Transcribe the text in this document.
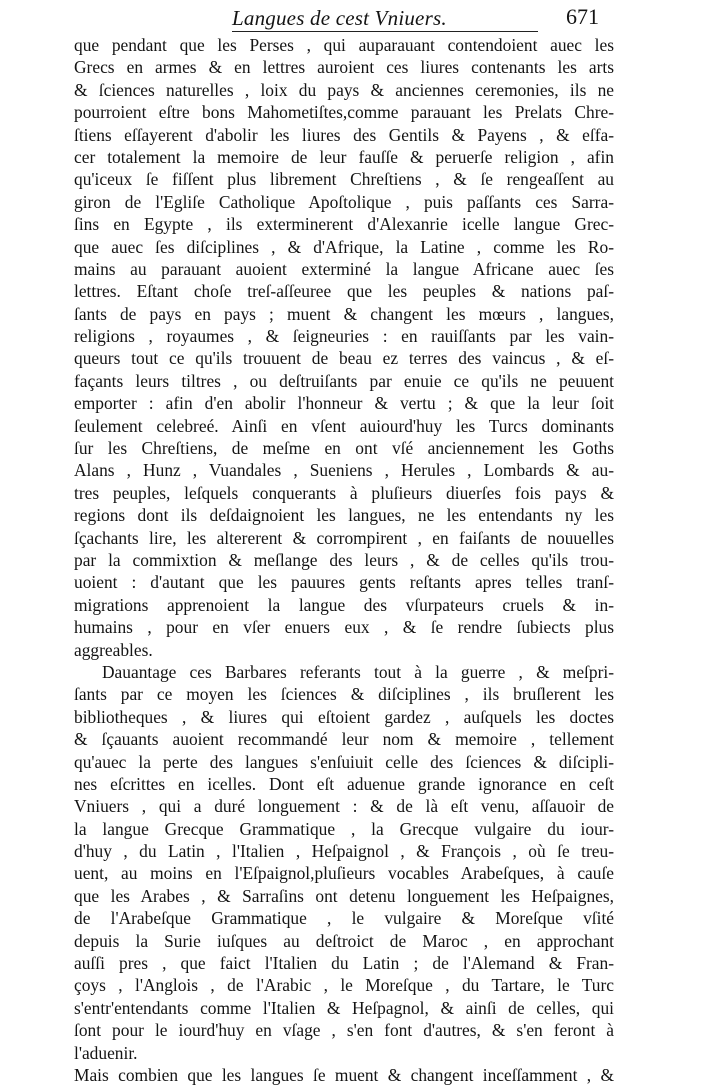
Langues de cest Vniuers.	671
que pendant que les Perses , qui auparauant contendoient auec les
Grecs en armes & en lettres auroient ces liures contenants les arts
& ſciences naturelles , loix du pays & anciennes ceremonies, ils ne
pourroient eſtre bons Mahometiſtes,comme parauant les Prelats Chre-
ſtiens eſſayerent d'abolir les liures des Gentils & Payens , & eſfa-
cer totalement la memoire de leur fauſſe & peruerſe religion , afin
qu'iceux ſe fiſſent plus librement Chreſtiens , & ſe rengeaſſent au
giron de l'Egliſe Catholique Apoſtolique , puis paſſants ces Sarra-
ſins en Egypte , ils exterminerent d'Alexanrie icelle langue Grec-
que auec ſes diſciplines , & d'Afrique, la Latine , comme les Ro-
mains au parauant auoient exterminé la langue Africane auec ſes
lettres. Eſtant choſe treſ-aſſeuree que les peuples & nations paſ-
ſants de pays en pays ; muent & changent les mœurs , langues,
religions , royaumes , & ſeigneuries : en rauiſſants par les vain-
queurs tout ce qu'ils trouuent de beau ez terres des vaincus , & eſ-
façants leurs tiltres , ou deſtruiſants par enuie ce qu'ils ne peuuent
emporter : afin d'en abolir l'honneur & vertu ; & que la leur ſoit
ſeulement celebreé. Ainſi en vſent auiourd'huy les Turcs dominants
ſur les Chreſtiens, de meſme en ont vſé anciennement les Goths
Alans , Hunz , Vuandales , Sueniens , Herules , Lombards & au-
tres peuples, leſquels conquerants à pluſieurs diuerſes fois pays &
regions dont ils deſdaignoient les langues, ne les entendants ny les
ſçachants lire, les altererent & corrompirent , en faiſants de nouuelles
par la commixtion & meſlange des leurs , & de celles qu'ils trou-
uoient : d'autant que les pauures gents reſtants apres telles tranſ-
migrations apprenoient la langue des vſurpateurs cruels & in-
humains , pour en vſer enuers eux , & ſe rendre ſubiects plus
aggreables.
Dauantage ces Barbares referants tout à la guerre , & meſpri-
ſants par ce moyen les ſciences & diſciplines , ils bruſlerent les
bibliotheques , & liures qui eſtoient gardez , auſquels les doctes
& ſçauants auoient recommandé leur nom & memoire , tellement
qu'auec la perte des langues s'enſuiuit celle des ſciences & diſcipli-
nes eſcrittes en icelles. Dont eſt aduenue grande ignorance en ceſt
Vniuers , qui a duré longuement : & de là eſt venu, aſſauoir de
la langue Grecque Grammatique , la Grecque vulgaire du iour-
d'huy , du Latin , l'Italien , Heſpaignol , & François , où ſe treu-
uent, au moins en l'Eſpaignol,pluſieurs vocables Arabeſques, à cauſe
que les Arabes , & Sarraſins ont detenu longuement les Heſpaignes,
de l'Arabeſque Grammatique , le vulgaire & Moreſque vſité
depuis la Surie iuſques au deſtroict de Maroc , en approchant
auſſi pres , que faict l'Italien du Latin ; de l'Alemand & Fran-
çoys , l'Anglois , de l'Arabic , le Moreſque , du Tartare, le Turc
s'entr'entendants comme l'Italien & Heſpagnol, & ainſi de celles, qui
ſont pour le iourd'huy en vſage , s'en font d'autres, & s'en feront à
l'aduenir.
Mais combien que les langues ſe muent & changent inceſſamment , &
